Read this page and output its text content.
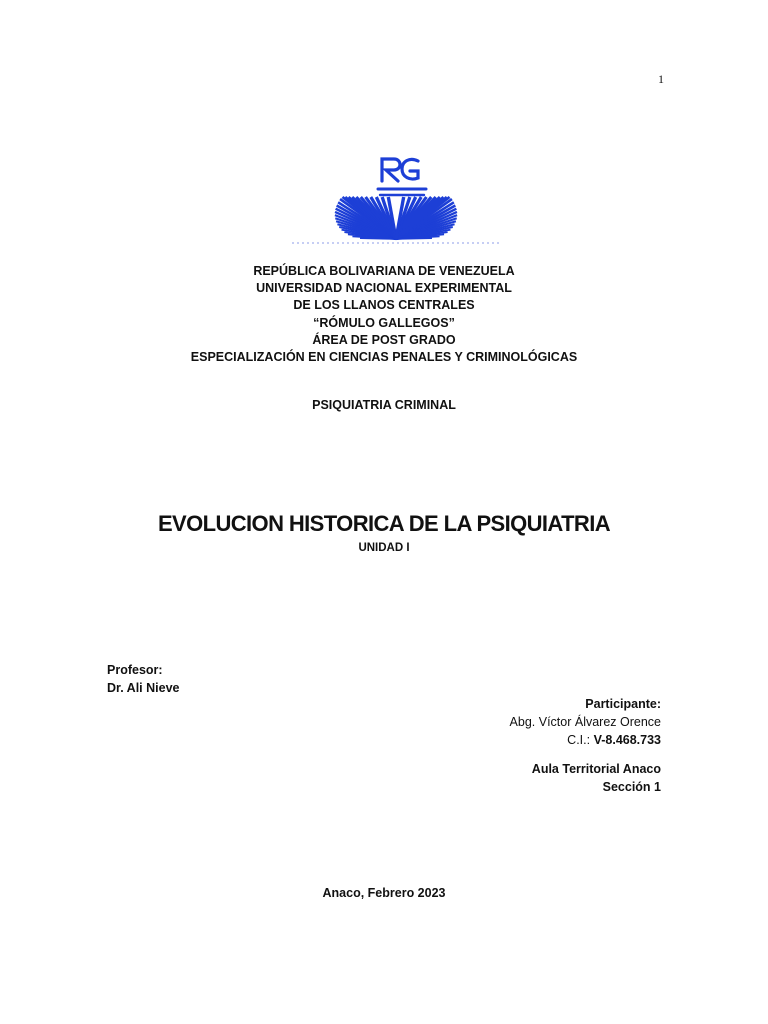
1
REPÚBLICA BOLIVARIANA DE VENEZUELA
UNIVERSIDAD NACIONAL EXPERIMENTAL
DE LOS LLANOS CENTRALES
“RÓMULO GALLEGOS”
ÁREA DE POST GRADO
ESPECIALIZACIÓN EN CIENCIAS PENALES Y CRIMINOLÓGICAS
PSIQUIATRIA CRIMINAL
EVOLUCION HISTORICA DE LA PSIQUIATRIA
UNIDAD I
Profesor:
Dr. Ali Nieve
Participante:
Abg. Víctor Álvarez Orence
C.I.: V-8.468.733
Aula Territorial Anaco
Sección 1
Anaco, Febrero 2023
